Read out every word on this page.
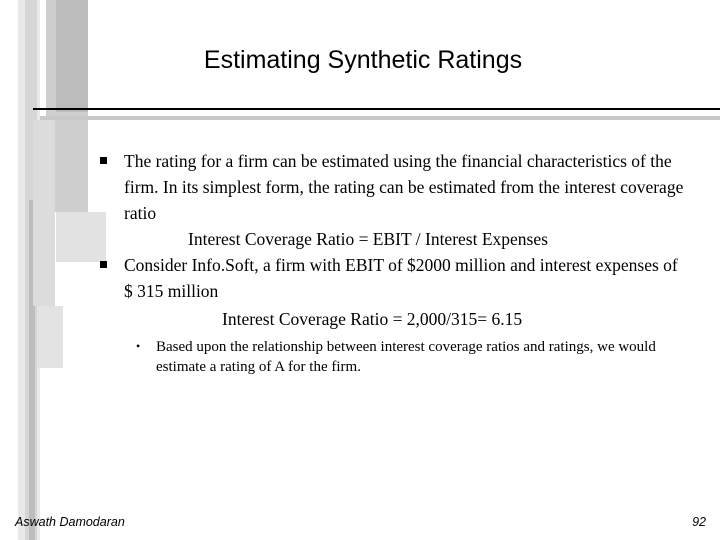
Estimating Synthetic Ratings
The rating for a firm can be estimated using the financial characteristics of the firm. In its simplest form, the rating can be estimated from the interest coverage ratio
Interest Coverage Ratio = EBIT / Interest Expenses
Consider Info.Soft, a firm with EBIT of $2000 million and interest expenses of $ 315 million
Interest Coverage Ratio = 2,000/315= 6.15
• Based upon the relationship between interest coverage ratios and ratings, we would estimate a rating of A for the firm.
Aswath Damodaran	92
